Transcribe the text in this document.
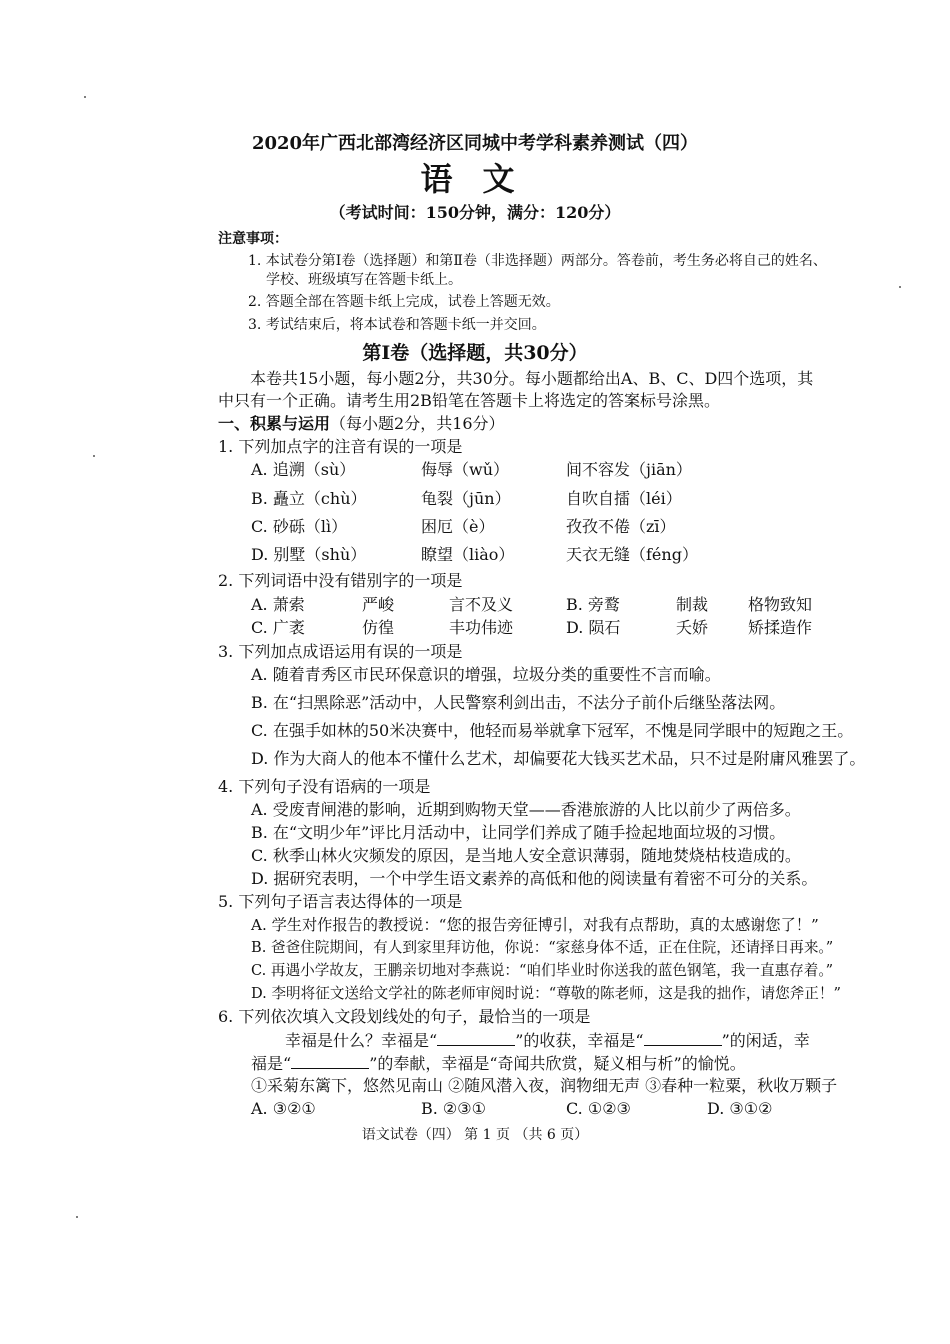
2020年广西北部湾经济区同城中考学科素养测试（四）
语文
（考试时间：150分钟，满分：120分）
注意事项：
1. 本试卷分第Ⅰ卷（选择题）和第Ⅱ卷（非选择题）两部分。答卷前，考生务必将自己的姓名、
学校、班级填写在答题卡纸上。
2. 答题全部在答题卡纸上完成，试卷上答题无效。
3. 考试结束后，将本试卷和答题卡纸一并交回。
第Ⅰ卷（选择题，共30分）
本卷共15小题，每小题2分，共30分。每小题都给出A、B、C、D四个选项，其
中只有一个正确。请考生用2B铅笔在答题卡上将选定的答案标号涂黑。
一、积累与运用（每小题2分，共16分）
1. 下列加点字的注音有误的一项是
A. 追溯（sù）	侮辱（wǔ）	间不容发（jiān）
B. 矗立（chù）	龟裂（jūn）	自吹自擂（léi）
C. 砂砾（lì）	困厄（è）	孜孜不倦（zī）
D. 别墅（shù）	瞭望（liào）	天衣无缝（féng）
2. 下列词语中没有错别字的一项是
A. 萧索	严峻	言不及义	B. 旁鹜	制裁 格物致知
C. 广袤	仿徨	丰功伟迹	D. 陨石	夭娇 矫揉造作
3. 下列加点成语运用有误的一项是
A. 随着青秀区市民环保意识的增强，垃圾分类的重要性不言而喻。
B. 在“扫黑除恶”活动中，人民警察利剑出击，不法分子前仆后继坠落法网。
C. 在强手如林的50米决赛中，他轻而易举就拿下冠军，不愧是同学眼中的短跑之王。
D. 作为大商人的他本不懂什么艺术，却偏要花大钱买艺术品，只不过是附庸风雅罢了。
4. 下列句子没有语病的一项是
A. 受废青闸港的影响，近期到购物天堂——香港旅游的人比以前少了两倍多。
B. 在“文明少年”评比月活动中，让同学们养成了随手捡起地面垃圾的习惯。
C. 秋季山林火灾频发的原因，是当地人安全意识薄弱，随地焚烧枯枝造成的。
D. 据研究表明，一个中学生语文素养的高低和他的阅读量有着密不可分的关系。
5. 下列句子语言表达得体的一项是
A. 学生对作报告的教授说：“您的报告旁征博引，对我有点帮助，真的太感谢您了！”
B. 爸爸住院期间，有人到家里拜访他，你说：“家慈身体不适，正在住院，还请择日再来。”
C. 再遇小学故友，王鹏亲切地对李燕说：“咱们毕业时你送我的蓝色钢笔，我一直惠存着。”
D. 李明将征文送给文学社的陈老师审阅时说：“尊敬的陈老师，这是我的拙作，请您斧正！”
6. 下列依次填入文段划线处的句子，最恰当的一项是
幸福是什么？幸福是“	”的收获，幸福是“	”的闲适，幸
福是“	”的奉献，幸福是“奇闻共欣赏，疑义相与析”的愉悦。
①采菊东篱下，悠然见南山 ②随风潜入夜，润物细无声 ③春种一粒粟，秋收万颗子
A. ③②①	B. ②③①	C. ①②③	D. ③①②
语文试卷（四） 第 1 页 （共 6 页）
